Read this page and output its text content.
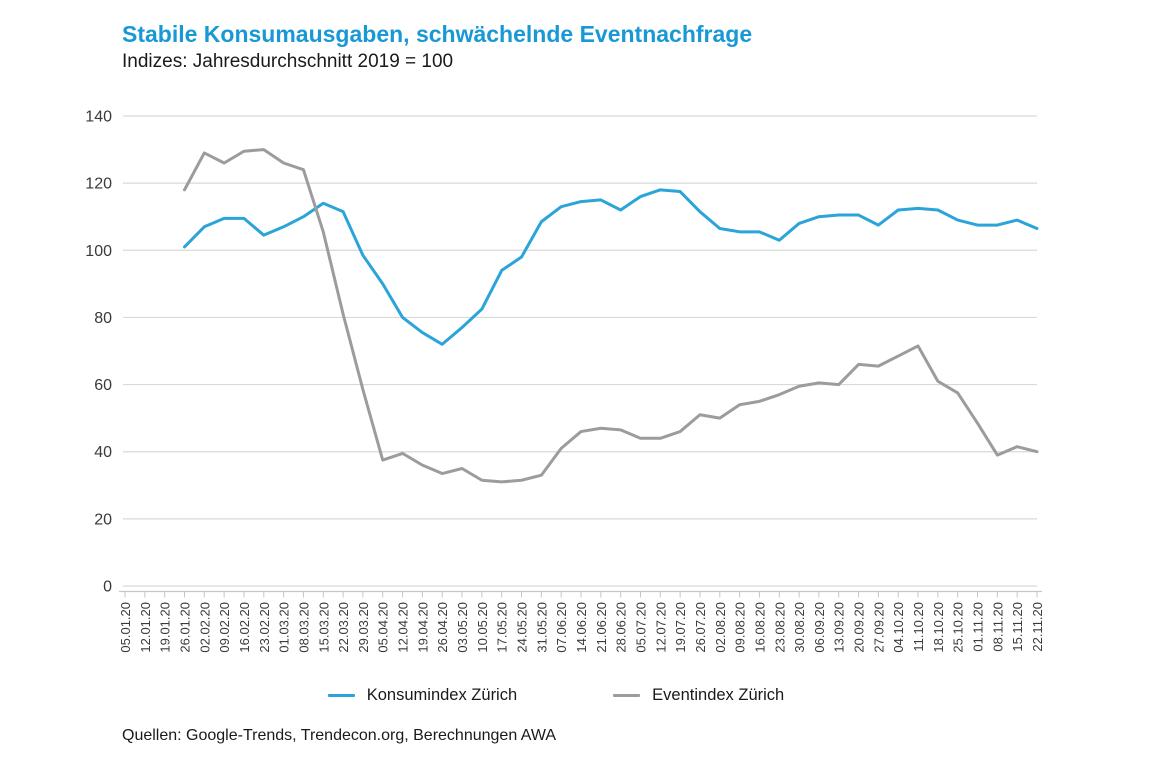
Stabile Konsumausgaben, schwächelnde Eventnachfrage

Indizes: Jahresdurchschnitt 2019 = 100

0
20
40
60
80
100
120
140
05.01.20 12.01.20 19.01.20 26.01.20 02.02.20 09.02.20 16.02.20 23.02.20 01.03.20 08.03.20 15.03.20 22.03.20 29.03.20 05.04.20 12.04.20 19.04.20 26.04.20 03.05.20 10.05.20 17.05.20 24.05.20 31.05.20 07.06.20 14.06.20 21.06.20 28.06.20 05.07.20 12.07.20 19.07.20 26.07.20 02.08.20 09.08.20 16.08.20 23.08.20 30.08.20 06.09.20 13.09.20 20.09.20 27.09.20 04.10.20 11.10.20 18.10.20 25.10.20 01.11.20 08.11.20 15.11.20 22.11.20
Konsumindex Zürich	Eventindex Zürich
Quellen: Google-Trends, Trendecon.org, Berechnungen AWA
